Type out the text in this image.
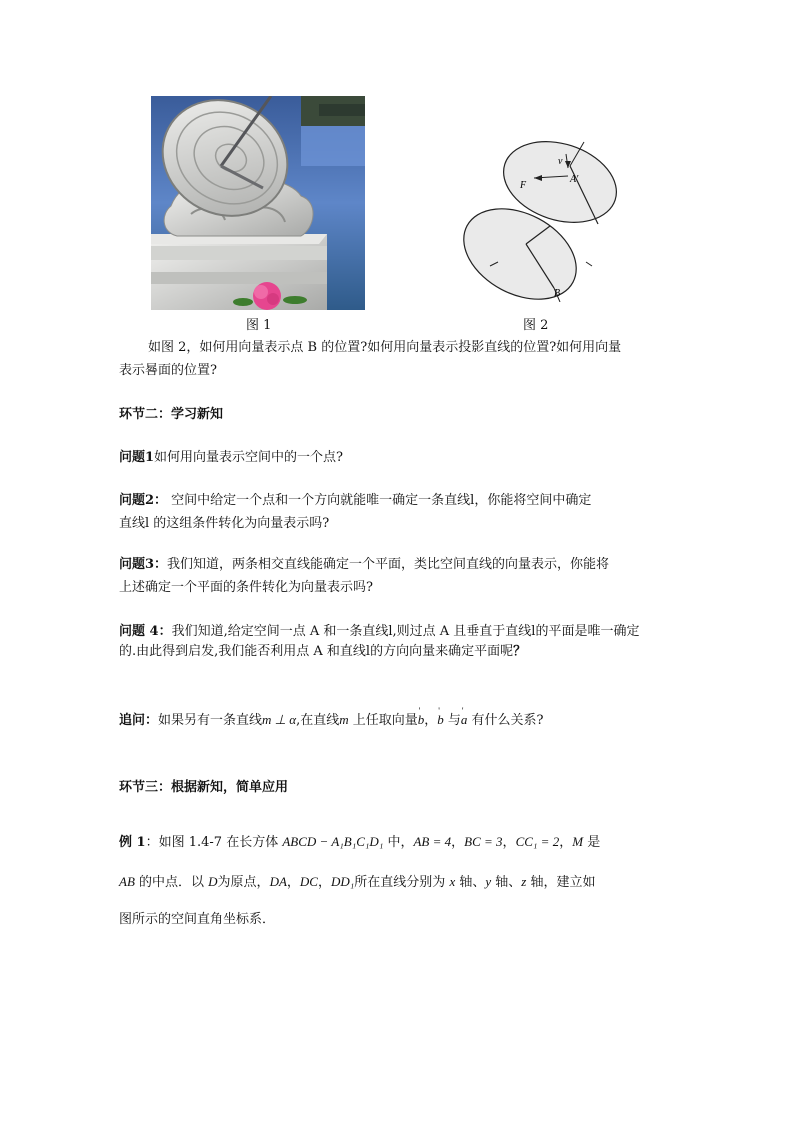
v
F
A′
B
图 1	图 2
如图 2，如何用向量表示点 B 的位置?如何用向量表示投影直线的位置?如何用向量
表示晷面的位置?
环节二：学习新知
问题1如何用向量表示空间中的一个点?
问题2： 空间中给定一个点和一个方向就能唯一确定一条直线l，你能将空间中确定
直线l 的这组条件转化为向量表示吗?
问题3：我们知道，两条相交直线能确定一个平面，类比空间直线的向量表示，你能将
上述确定一个平面的条件转化为向量表示吗?
问题 4：我们知道,给定空间一点 A 和一条直线l,则过点 A 且垂直于直线l的平面是唯一确定
的.由此得到启发,我们能否利用点 A 和直线l的方向向量来确定平面呢？
追问：如果另有一条直线m ⊥ α,在直线m 上任取向量' b，' b 与' a 有什么关系?
环节三：根据新知，简单应用
例 1：如图 1.4-7 在长方体 ABCD − A₁B₁C₁D₁ 中，AB = 4，BC = 3，CC₁ = 2，M 是
AB 的中点．以 D为原点，DA，DC，DD₁所在直线分别为 x 轴、y 轴、z 轴，建立如
图所示的空间直角坐标系．
